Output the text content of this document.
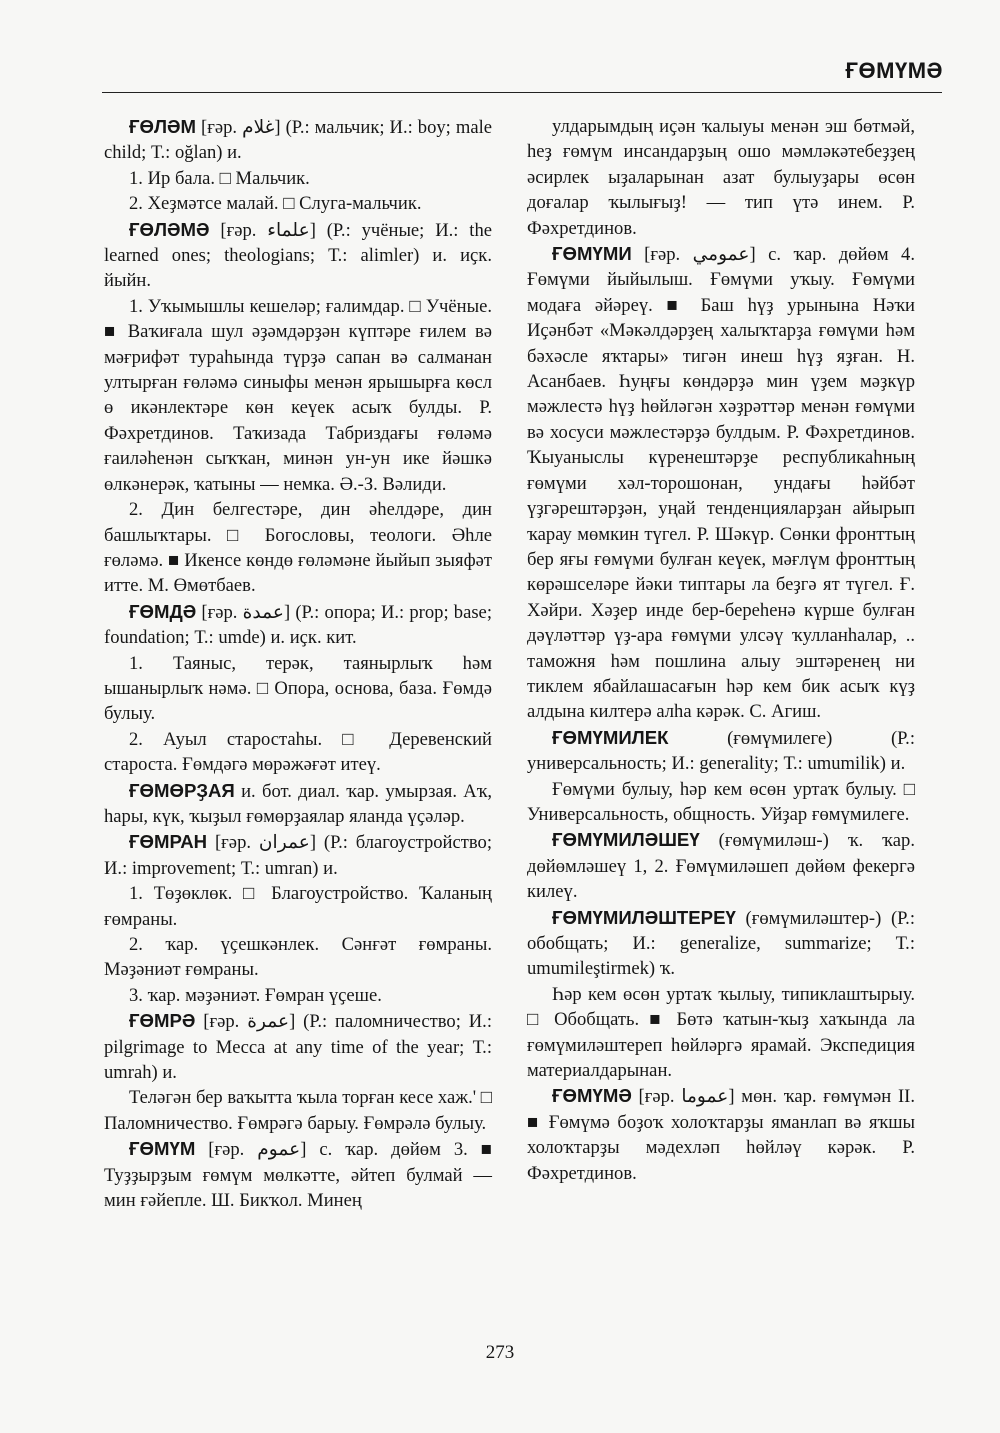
ҒӨМҮМӘ

ҒӨЛӘМ [ғәр. ﻏﻼﻡ] (Р.: мальчик; И.: boy; male child; Т.: oğlan) и.

1. Ир бала. □ Мальчик.

2. Хеҙмәтсе малай. □ Слуга-мальчик.

ҒӨЛӘМӘ [ғәр. ﻋﻠﻤﺎء] (Р.: учёные; И.: the learned ones; theologians; Т.: alimler) и. иҫк. йыйн.

1. Уҡымышлы кешеләр; ғалимдар. □ Учёные. ■ Ваҡиғала шул әҙәмдәрҙән күптәре ғилем вә мәғрифәт тураһында түрҙә сапан вә салманан ултырған ғөләмә синыфы менән ярышырға көсл​ө икәнлектәре көн кеүек асыҡ булды. Р. Фәхретдинов. Таҡизада Табриздағы ғөләмә ғаиләһенән сыҡҡан, минән ун-ун ике йәшкә өлкәнерәк, ҡатыны — немка. Ә.-З. Вәлиди.

2. Дин белгестәре, дин әһелдәре, дин башлыҡтары. □ Богословы, теологи. Әһле ғөләмә. ■ Икенсе көндө ғөләмәне йыйып зыяфәт итте. М. Өмөтбаев.

ҒӨМДӘ [ғәр. ﻋﻤﺪﺓ] (Р.: опора; И.: prop; base; foundation; Т.: umde) и. иҫк. кит.

1. Таяныс, терәк, таянырлыҡ һәм ышанырлыҡ нәмә. □ Опора, основа, база. Ғөмдә булыу.

2. Ауыл старостаһы. □ Деревенский староста. Ғөмдәгә мөрәжәғәт итеү.

ҒӨМӨРҘАЯ и. бот. диал. ҡар. умырзая. Аҡ, һары, күк, ҡыҙыл ғөмөрҙаялар яланда үҫәләр.

ҒӨМРАН [ғәр. ﻋﻤﺮﺍﻥ] (Р.: благоустройство; И.: improvement; Т.: umran) и.

1. Төҙөклөк. □ Благоустройство. Ҡаланың ғөмраны.

2. ҡар. үҫешкәнлек. Сәнғәт ғөмраны. Мәҙәниәт ғөмраны.

3. ҡар. мәҙәниәт. Ғөмран үҫеше.

ҒӨМРӘ [ғәр. ﻋﻤﺮﺓ] (Р.: паломничество; И.: pilgrimage to Mecca at any time of the year; Т.: umrah) и.

Теләгән бер ваҡытта ҡыла торған кесе хаж.' □ Паломничество. Ғөмрәгә барыу. Ғөмрәлә булыу.

ҒӨМҮМ [ғәр. ﻋﻤﻮﻡ] с. ҡар. дөйөм 3. ■ Туҙҙырҙым ғөмүм мөлкәтте, әйтеп булмай — мин ғәйепле. Ш. Бикҡол. Минең

улдарымдың иҫән ҡалыуы менән эш бөтмәй, һеҙ ғөмүм инсандарҙың ошо мәмләкәтебеҙҙең әсирлек ыҙаларынан азат булыуҙары өсөн доғалар ҡылығыҙ! — тип үтә инем. Р. Фәхретдинов.

ҒӨМҮМИ [ғәр. ﻋﻤﻮﻣﻲ] с. ҡар. дөйөм 4. Ғөмүми йыйылыш. Ғөмүми уҡыу. Ғөмүми модаға әйәреү. ■ Баш һүҙ урынына Нәҡи Иҫәнбәт «Мәкәлдәрҙең халыҡтарҙа ғөмүми һәм бәхәсле яҡтары» тигән инеш һүҙ яҙған. Н. Асанбаев. Һуңғы көндәрҙә мин үҙем мәҙкүр мәжлестә һүҙ һөйләгән хәҙрәттәр менән ғөмүми вә хосуси мәжлестәрҙә булдым. Р. Фәхретдинов. Ҡыуаныслы күренештәрҙе республикаһның ғөмүми хәл-торошонан, ундағы һәйбәт үҙгәрештәрҙән, уңай тенденцияларҙан айырып ҡарау мөмкин түгел. Р. Шәкүр. Сөнки фронттың бер яғы ғөмүми булған кеүек, мәғлүм фронттың көрәшселәре йәки типтары ла беҙгә ят түгел. Ғ. Хәйри. Хәҙер инде бер-береһенә күрше булған дәүләттәр үҙ-ара ғөмүми улсәү ҡулланһалар, .. таможня һәм пошлина алыу эштәренең ни тиклем ябайлашасағын һәр кем бик асыҡ күҙ алдына килтерә алһа кәрәк. С. Агиш.

ҒӨМҮМИЛЕК (ғөмүмилеге) (Р.: универсальность; И.: generality; Т.: umumilik) и.

Ғөмүми булыу, һәр кем өсөн уртаҡ булыу. □ Универсальность, общность. Уйҙар ғөмүмилеге.

ҒӨМҮМИЛӘШЕҮ (ғөмүмиләш-) ҡ. ҡар. дөйөмләшеү 1, 2. Ғөмүмиләшеп дөйөм фекергә килеү.

ҒӨМҮМИЛӘШТЕРЕҮ (ғөмүмиләштер-) (Р.: обобщать; И.: generalize, summarize; Т.: umumileştirmek) ҡ.

Һәр кем өсөн уртаҡ ҡылыу, типиклаштырыу. □ Обобщать. ■ Бөтә ҡатын-ҡыҙ хаҡында ла ғөмүмиләштереп һөйләргә ярамай. Экспедиция материалдарынан.

ҒӨМҮМӘ [ғәр. ﻋﻤﻮﻣﺎ] мөн. ҡар. ғөмүмән II. ■ Ғөмүмә боҙоҡ холоҡтарҙы яманлап вә яҡшы холоҡтарҙы мәдехләп һөйләү кәрәк. Р. Фәхретдинов.

273
